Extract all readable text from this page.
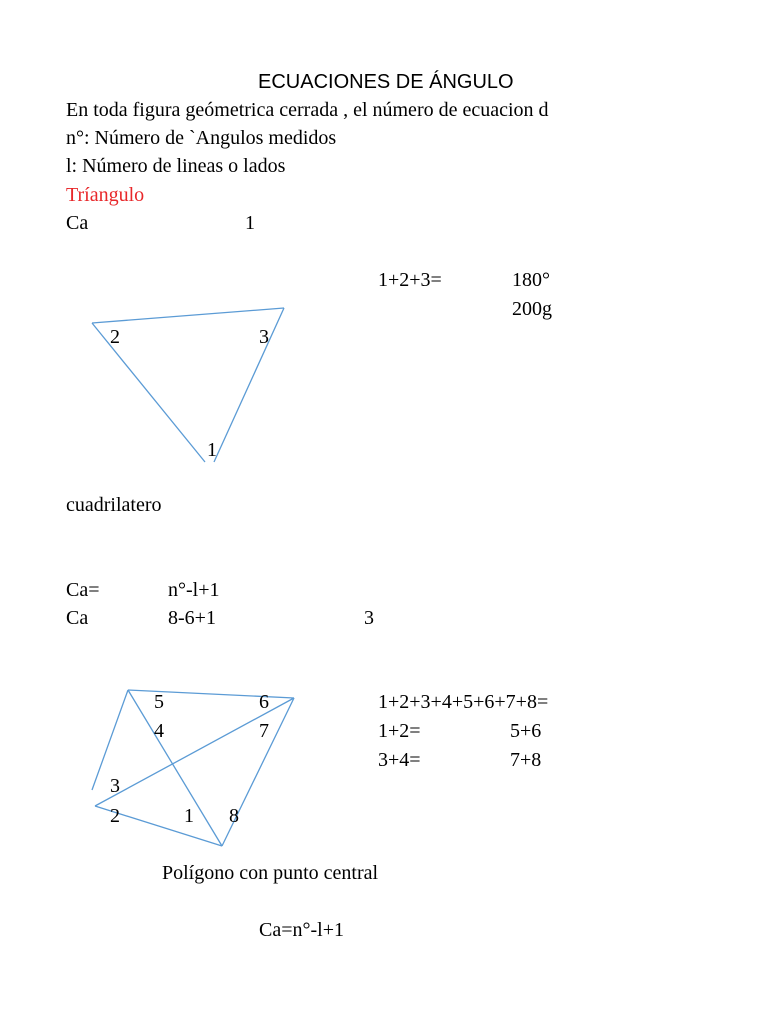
ECUACIONES DE ÁNGULO
En toda figura geómetrica cerrada , el número de ecuacion d
n°: Número de `Angulos medidos
l: Número de lineas o lados
Tríangulo
Ca	1
1+2+3=	180°
200g
2	3
1
cuadrilatero
Ca=	n°-l+1
Ca	8-6+1	3
1+2+3+4+5+6+7+8=
1+2=	5+6
3+4=	7+8
5	6
4	7
3
2	1 8
Polígono con punto central
Ca=n°-l+1
